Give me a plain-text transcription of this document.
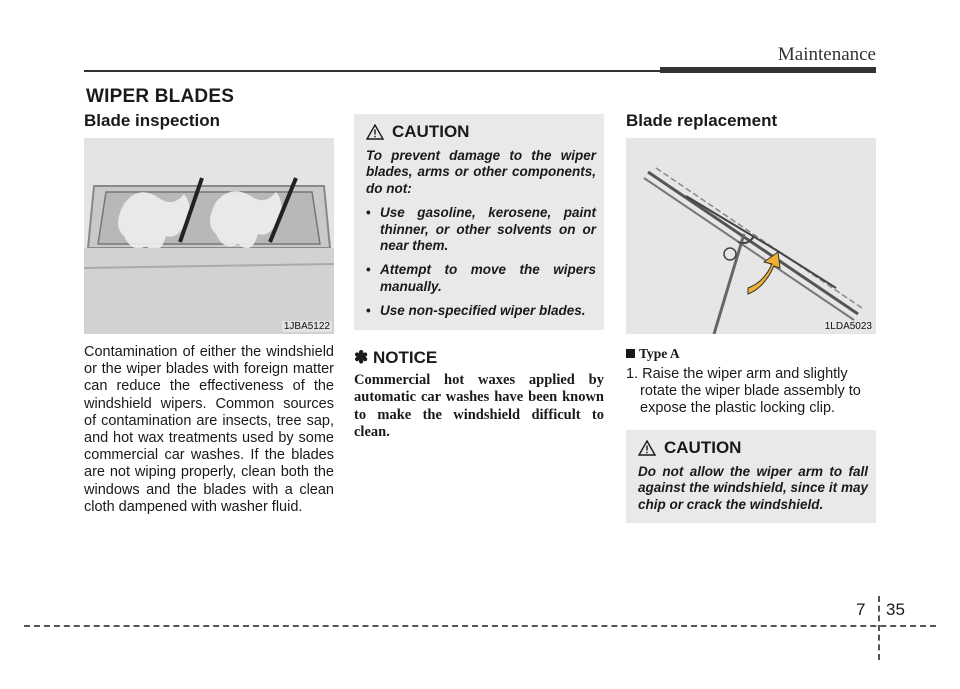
Maintenance
WIPER BLADES
Blade inspection
1JBA5122

Contamination of either the windshield or the wiper blades with foreign matter can reduce the effectiveness of the windshield wipers. Common sources of contamination are insects, tree sap, and hot wax treatments used by some commercial car washes. If the blades are not wiping properly, clean both the windows and the blades with a clean cloth dampened with washer fluid.

CAUTION

To prevent damage to the wiper blades, arms or other components, do not:

• Use gasoline, kerosene, paint thinner, or other solvents on or near them.
• Attempt to move the wipers manually.
• Use non-specified wiper blades.
✽ NOTICE

Commercial hot waxes applied by automatic car washes have been known to make the windshield difficult to clean.

Blade replacement
1LDA5023
Type A
1. Raise the wiper arm and slightly rotate the wiper blade assembly to expose the plastic locking clip.
CAUTION

Do not allow the wiper arm to fall against the windshield, since it may chip or crack the windshield.

7 35
